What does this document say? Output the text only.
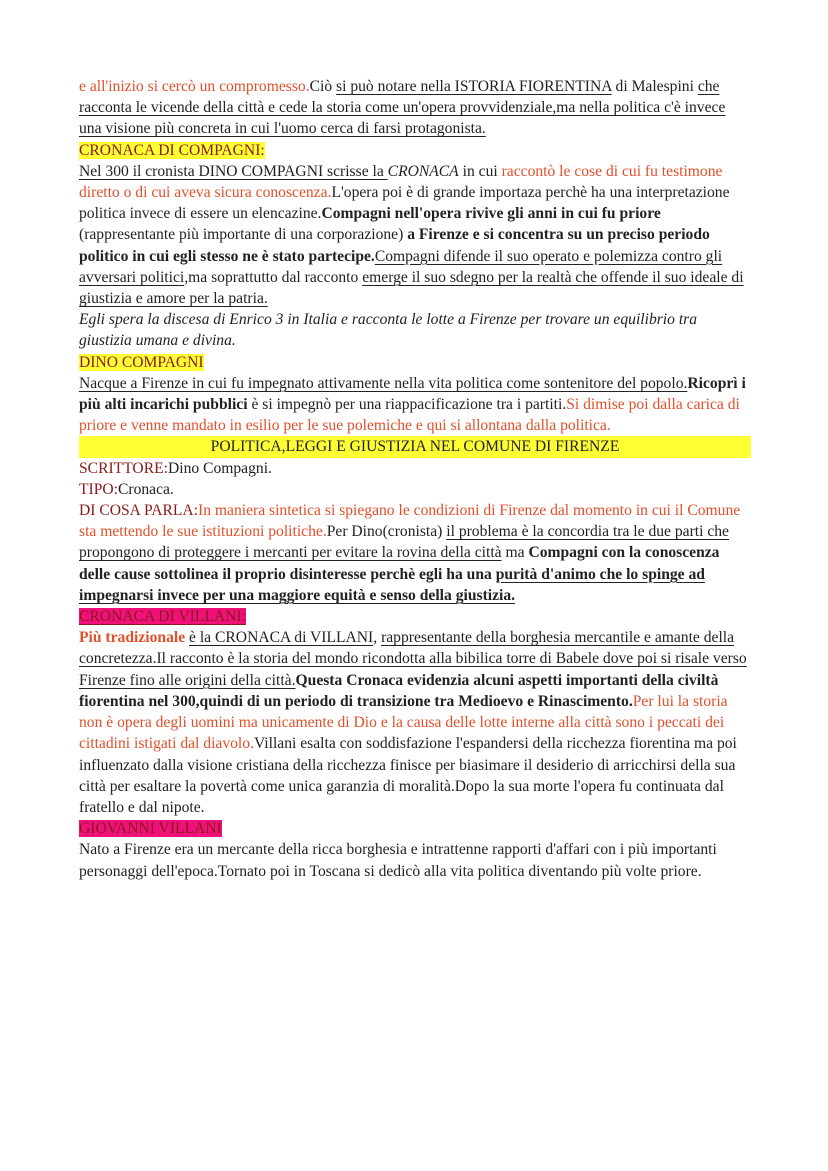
e all'inizio si cercò un compromesso.Ciò si può notare nella ISTORIA FIORENTINA di Malespini che racconta le vicende della città e cede la storia come un'opera provvidenziale,ma nella politica c'è invece una visione più concreta in cui l'uomo cerca di farsi protagonista.

CRONACA DI COMPAGNI:

Nel 300 il cronista DINO COMPAGNI scrisse la CRONACA in cui raccontò le cose di cui fu testimone diretto o di cui aveva sicura conoscenza.L'opera poi è di grande importaza perchè ha una interpretazione politica invece di essere un elencazine.Compagni nell'opera rivive gli anni in cui fu priore (rappresentante più importante di una corporazione) a Firenze e si concentra su un preciso periodo politico in cui egli stesso ne è stato partecipe.Compagni difende il suo operato e polemizza contro gli avversari politici,ma soprattutto dal racconto emerge il suo sdegno per la realtà che offende il suo ideale di giustizia e amore per la patria.

Egli spera la discesa di Enrico 3 in Italia e racconta le lotte a Firenze per trovare un equilibrio tra giustizia umana e divina.

DINO COMPAGNI

Nacque a Firenze in cui fu impegnato attivamente nella vita politica come sontenitore del popolo.Ricoprì i più alti incarichi pubblici è si impegnò per una riappacificazione tra i partiti.Si dimise poi dalla carica di priore e venne mandato in esilio per le sue polemiche e qui si allontana dalla politica.

POLITICA,LEGGI E GIUSTIZIA NEL COMUNE DI FIRENZE

SCRITTORE:Dino Compagni.

TIPO:Cronaca.

DI COSA PARLA:In maniera sintetica si spiegano le condizioni di Firenze dal momento in cui il Comune sta mettendo le sue istituzioni politiche.Per Dino(cronista) il problema è la concordia tra le due parti che propongono di proteggere i mercanti per evitare la rovina della città ma Compagni con la conoscenza delle cause sottolinea il proprio disinteresse perchè egli ha una purità d'animo che lo spinge ad impegnarsi invece per una maggiore equità e senso della giustizia.

CRONACA DI VILLANI:

Più tradizionale è la CRONACA di VILLANI, rappresentante della borghesia mercantile e amante della concretezza.Il racconto è la storia del mondo ricondotta alla bibilica torre di Babele dove poi si risale verso Firenze fino alle origini della città.Questa Cronaca evidenzia alcuni aspetti importanti della civiltà fiorentina nel 300,quindi di un periodo di transizione tra Medioevo e Rinascimento.Per lui la storia non è opera degli uomini ma unicamente di Dio e la causa delle lotte interne alla città sono i peccati dei cittadini istigati dal diavolo.Villani esalta con soddisfazione l'espandersi della ricchezza fiorentina ma poi influenzato dalla visione cristiana della ricchezza finisce per biasimare il desiderio di arricchirsi della sua città per esaltare la povertà come unica garanzia di moralità.Dopo la sua morte l'opera fu continuata dal fratello e dal nipote.

GIOVANNI VILLANI

Nato a Firenze era un mercante della ricca borghesia e intrattenne rapporti d'affari con i più importanti personaggi dell'epoca.Tornato poi in Toscana si dedicò alla vita politica diventando più volte priore.
